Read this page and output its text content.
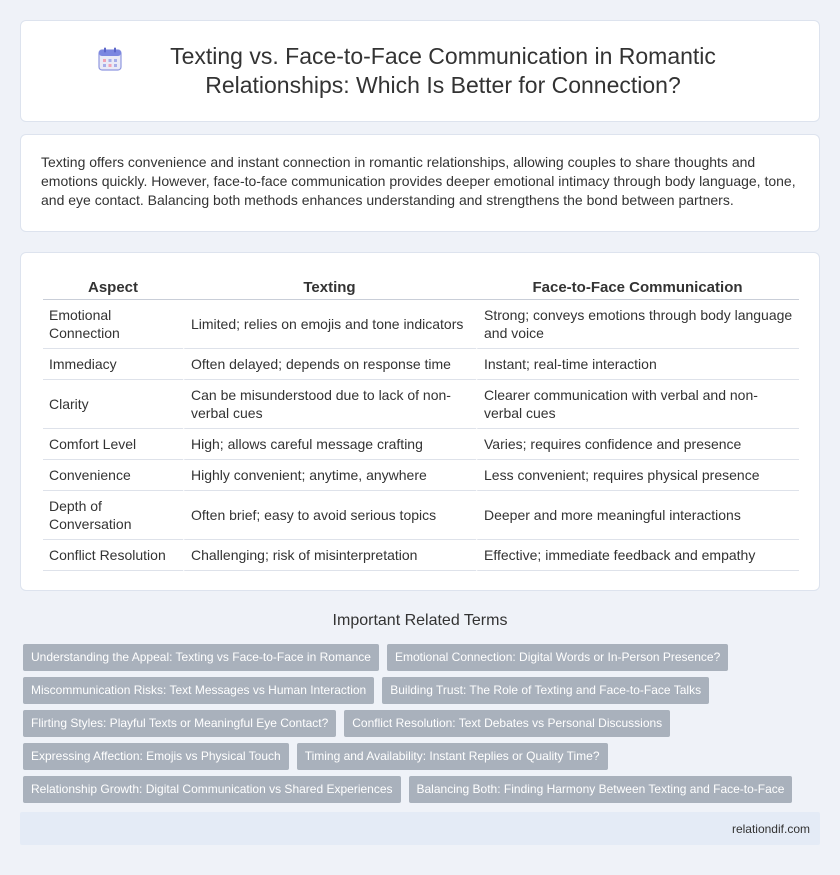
Texting vs. Face-to-Face Communication in Romantic Relationships: Which Is Better for Connection?

Texting offers convenience and instant connection in romantic relationships, allowing couples to share thoughts and emotions quickly. However, face-to-face communication provides deeper emotional intimacy through body language, tone, and eye contact. Balancing both methods enhances understanding and strengthens the bond between partners.

Aspect	Texting	Face-to-Face Communication
Emotional Connection	Limited; relies on emojis and tone indicators	Strong; conveys emotions through body language and voice
Immediacy	Often delayed; depends on response time	Instant; real-time interaction
Clarity	Can be misunderstood due to lack of non-verbal cues	Clearer communication with verbal and non-verbal cues
Comfort Level	High; allows careful message crafting	Varies; requires confidence and presence
Convenience	Highly convenient; anytime, anywhere	Less convenient; requires physical presence
Depth of Conversation	Often brief; easy to avoid serious topics	Deeper and more meaningful interactions
Conflict Resolution	Challenging; risk of misinterpretation	Effective; immediate feedback and empathy
Important Related Terms
Understanding the Appeal: Texting vs Face-to-Face in Romance	Emotional Connection: Digital Words or In-Person Presence?
Miscommunication Risks: Text Messages vs Human Interaction	Building Trust: The Role of Texting and Face-to-Face Talks
Flirting Styles: Playful Texts or Meaningful Eye Contact?	Conflict Resolution: Text Debates vs Personal Discussions
Expressing Affection: Emojis vs Physical Touch	Timing and Availability: Instant Replies or Quality Time?
Relationship Growth: Digital Communication vs Shared Experiences	Balancing Both: Finding Harmony Between Texting and Face-to-Face
relationdif.com
